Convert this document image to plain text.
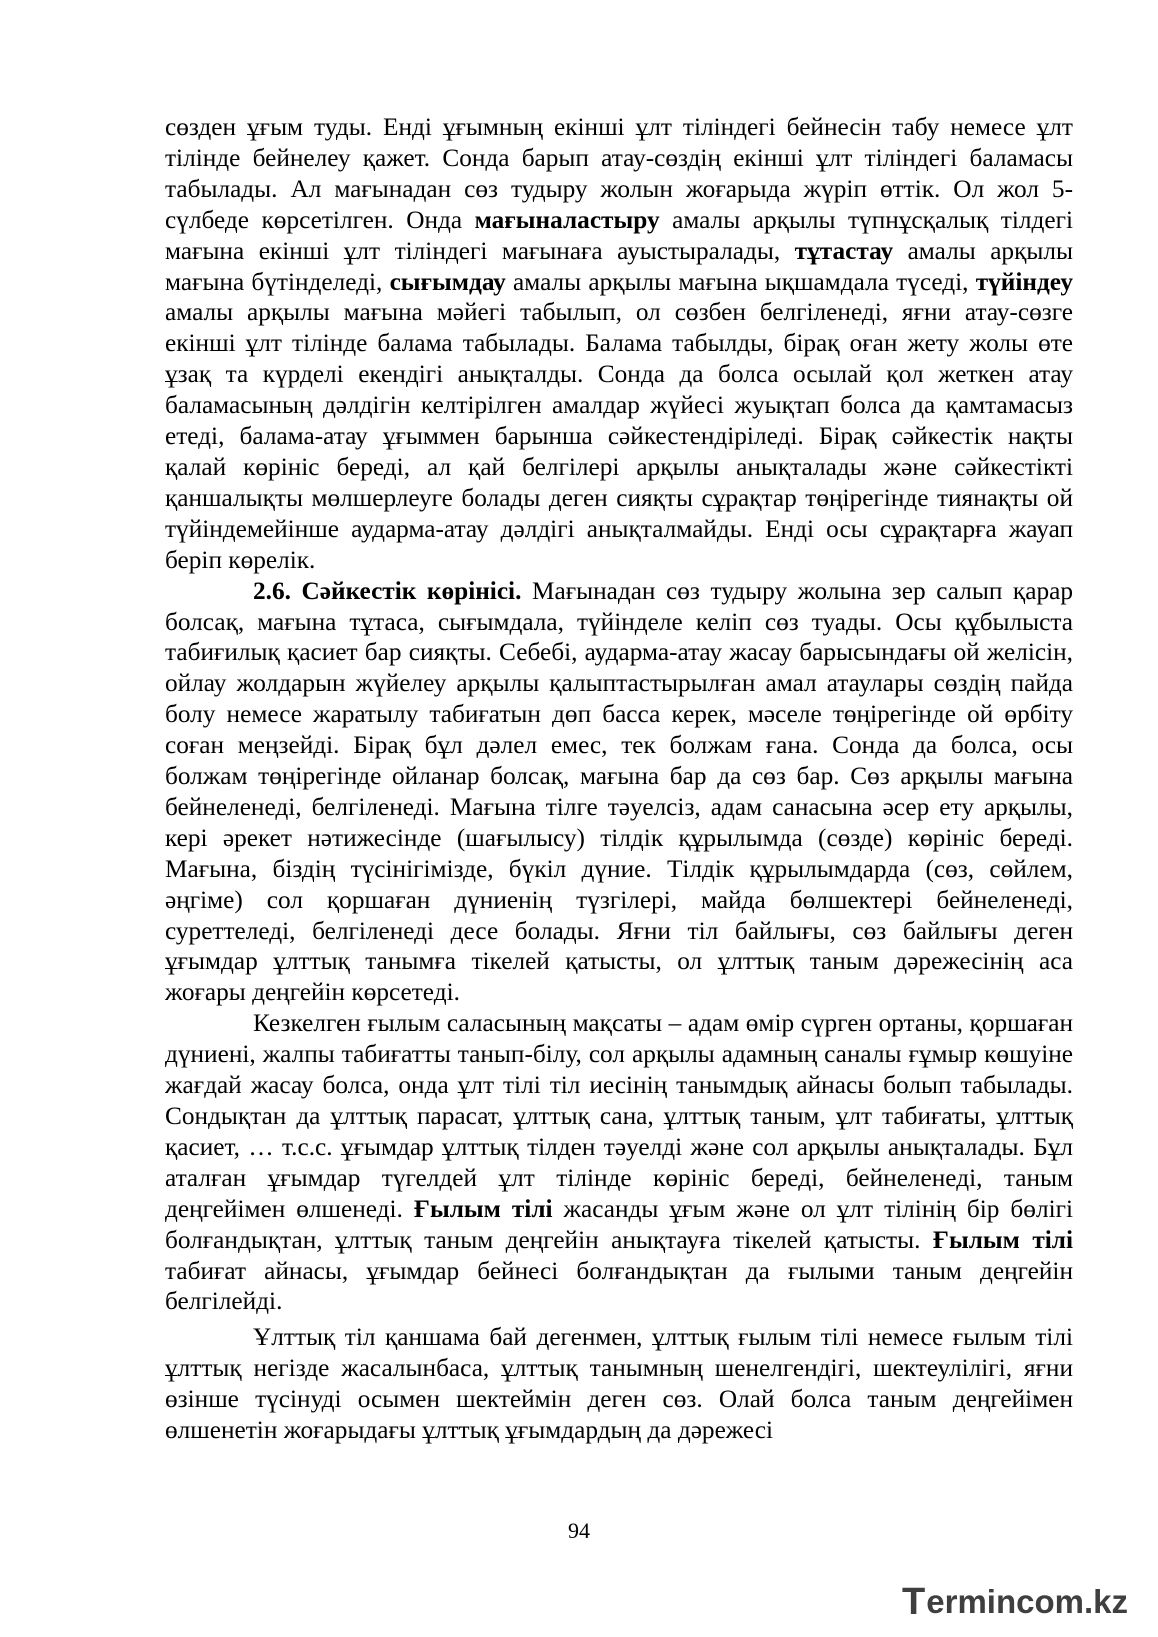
сөзден ұғым туды. Енді ұғымның екінші ұлт тіліндегі бейнесін табу немесе ұлт тілінде бейнелеу қажет. Сонда барып атау-сөздің екінші ұлт тіліндегі баламасы табылады. Ал мағынадан сөз тудыру жолын жоғарыда жүріп өттік. Ол жол 5-сүлбеде көрсетілген. Онда мағыналастыру амалы арқылы түпнұсқалық тілдегі мағына екінші ұлт тіліндегі мағынаға ауыстыралады, тұтастау амалы арқылы мағына бүтінделеді, сығымдау амалы арқылы мағына ықшамдала түседі, түйіндеу амалы арқылы мағына мәйегі табылып, ол сөзбен белгіленеді, яғни атау-сөзге екінші ұлт тілінде балама табылады. Балама табылды, бірақ оған жету жолы өте ұзақ та күрделі екендігі анықталды. Сонда да болса осылай қол жеткен атау баламасының дәлдігін келтірілген амалдар жүйесі жуықтап болса да қамтамасыз етеді, балама-атау ұғыммен барынша сәйкестендіріледі. Бірақ сәйкестік нақты қалай көрініс береді, ал қай белгілері арқылы анықталады және сәйкестікті қаншалықты мөлшерлеуге болады деген сияқты сұрақтар төңірегінде тиянақты ой түйіндемейінше аударма-атау дәлдігі анықталмайды. Енді осы сұрақтарға жауап беріп көрелік.

2.6. Сәйкестік көрінісі. Мағынадан сөз тудыру жолына зер салып қарар болсақ, мағына тұтаса, сығымдала, түйінделе келіп сөз туады. Осы құбылыста табиғилық қасиет бар сияқты. Себебі, аударма-атау жасау барысындағы ой желісін, ойлау жолдарын жүйелеу арқылы қалыптастырылған амал атаулары сөздің пайда болу немесе жаратылу табиғатын дөп басса керек, мәселе төңірегінде ой өрбіту соған меңзейді. Бірақ бұл дәлел емес, тек болжам ғана. Сонда да болса, осы болжам төңірегінде ойланар болсақ, мағына бар да сөз бар. Сөз арқылы мағына бейнеленеді, белгіленеді. Мағына тілге тәуелсіз, адам санасына әсер ету арқылы, кері әрекет нәтижесінде (шағылысу) тілдік құрылымда (сөзде) көрініс береді. Мағына, біздің түсінігімізде, бүкіл дүние. Тілдік құрылымдарда (сөз, сөйлем, әңгіме) сол қоршаған дүниенің түзгілері, майда бөлшектері бейнеленеді, суреттеледі, белгіленеді десе болады. Яғни тіл байлығы, сөз байлығы деген ұғымдар ұлттық танымға тікелей қатысты, ол ұлттық таным дәрежесінің аса жоғары деңгейін көрсетеді.

Кезкелген ғылым саласының мақсаты – адам өмір сүрген ортаны, қоршаған дүниені, жалпы табиғатты танып-білу, сол арқылы адамның саналы ғұмыр көшуіне жағдай жасау болса, онда ұлт тілі тіл иесінің танымдық айнасы болып табылады. Сондықтан да ұлттық парасат, ұлттық сана, ұлттық таным, ұлт табиғаты, ұлттық қасиет, … т.с.с. ұғымдар ұлттық тілден тәуелді және сол арқылы анықталады. Бұл аталған ұғымдар түгелдей ұлт тілінде көрініс береді, бейнеленеді, таным деңгейімен өлшенеді. Ғылым тілі жасанды ұғым және ол ұлт тілінің бір бөлігі болғандықтан, ұлттық таным деңгейін анықтауға тікелей қатысты. Ғылым тілі табиғат айнасы, ұғымдар бейнесі болғандықтан да ғылыми таным деңгейін белгілейді.

Ұлттық тіл қаншама бай дегенмен, ұлттық ғылым тілі немесе ғылым тілі ұлттық негізде жасалынбаса, ұлттық танымның шенелгендігі, шектеулілігі, яғни өзінше түсінуді осымен шектеймін деген сөз. Олай болса таным деңгейімен өлшенетін жоғарыдағы ұлттық ұғымдардың да дәрежесі

94
T ermincom.kz
